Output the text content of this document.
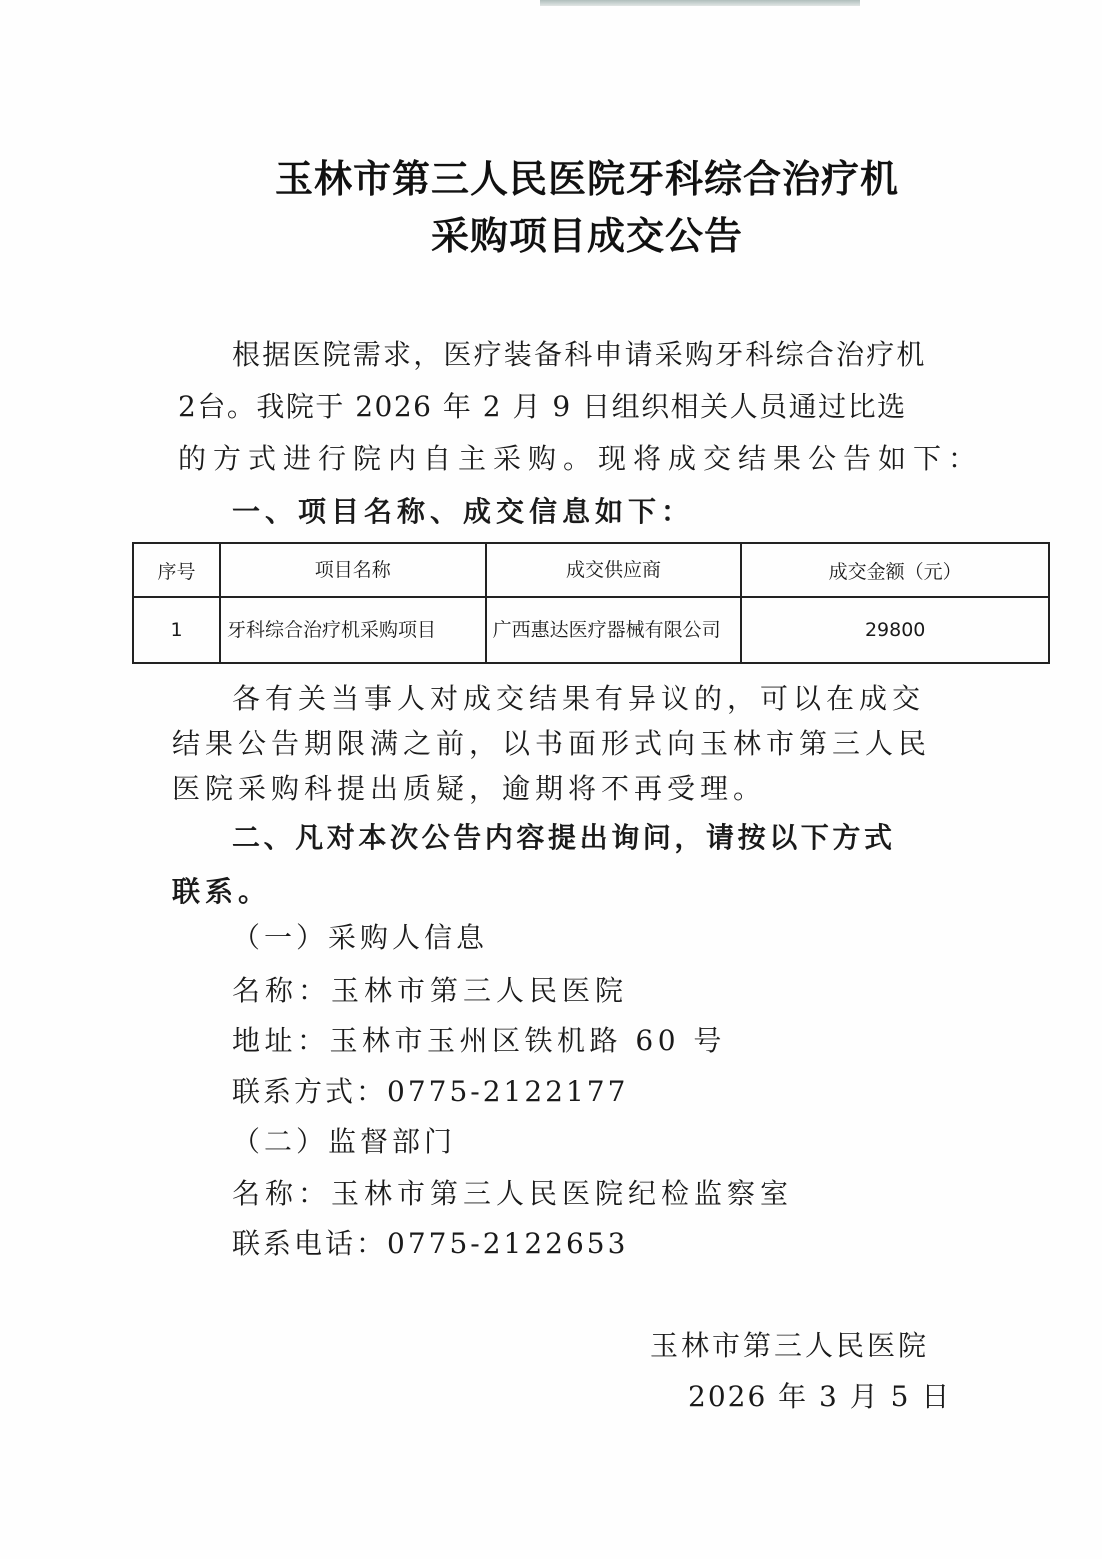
玉林市第三人民医院牙科综合治疗机
采购项目成交公告
根据医院需求，医疗装备科申请采购牙科综合治疗机
2台。我院于 2026 年 2 月 9 日组织相关人员通过比选
的方式进行院内自主采购。现将成交结果公告如下：
一、项目名称、成交信息如下：
序号	项目名称	成交供应商	成交金额（元）
1	牙科综合治疗机采购项目	广西惠达医疗器械有限公司	29800
各有关当事人对成交结果有异议的，可以在成交
结果公告期限满之前，以书面形式向玉林市第三人民
医院采购科提出质疑，逾期将不再受理。
二、凡对本次公告内容提出询问，请按以下方式
联系。
（一）采购人信息
名称：玉林市第三人民医院
地址：玉林市玉州区铁机路 60 号
联系方式：0775-2122177
（二）监督部门
名称：玉林市第三人民医院纪检监察室
联系电话：0775-2122653
玉林市第三人民医院
2026 年 3 月 5 日
